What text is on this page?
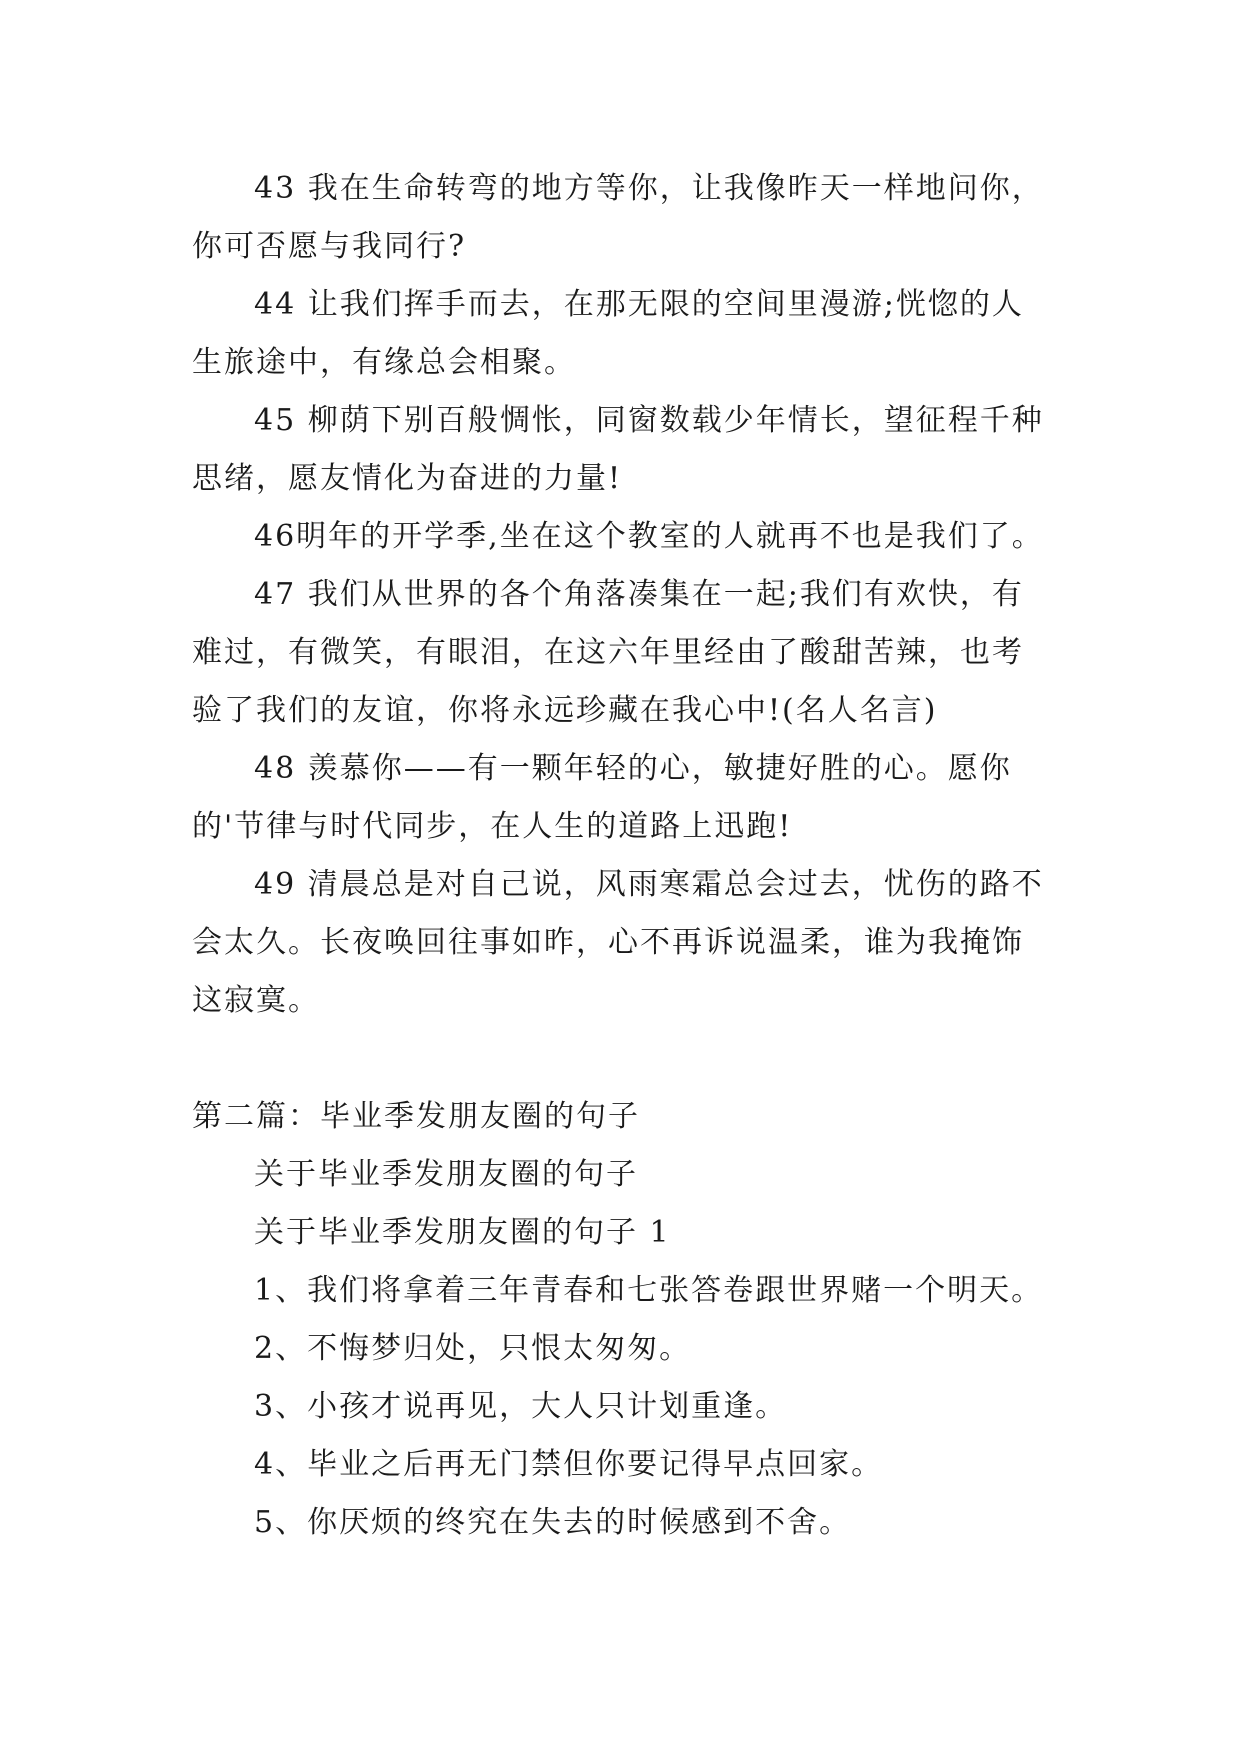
43 我在生命转弯的地方等你，让我像昨天一样地问你，你可否愿与我同行?

44 让我们挥手而去，在那无限的空间里漫游;恍惚的人生旅途中，有缘总会相聚。

45 柳荫下别百般惆怅，同窗数载少年情长，望征程千种思绪，愿友情化为奋进的力量!

46明年的开学季,坐在这个教室的人就再不也是我们了。

47 我们从世界的各个角落凑集在一起;我们有欢快，有难过，有微笑，有眼泪，在这六年里经由了酸甜苦辣，也考验了我们的友谊，你将永远珍藏在我心中!(名人名言)

48 羡慕你——有一颗年轻的心，敏捷好胜的心。愿你的'节律与时代同步，在人生的道路上迅跑!

49 清晨总是对自己说，风雨寒霜总会过去，忧伤的路不会太久。长夜唤回往事如昨，心不再诉说温柔，谁为我掩饰这寂寞。

第二篇：毕业季发朋友圈的句子

关于毕业季发朋友圈的句子

关于毕业季发朋友圈的句子 1

1、我们将拿着三年青春和七张答卷跟世界赌一个明天。

2、不悔梦归处，只恨太匆匆。

3、小孩才说再见，大人只计划重逢。

4、毕业之后再无门禁但你要记得早点回家。

5、你厌烦的终究在失去的时候感到不舍。
